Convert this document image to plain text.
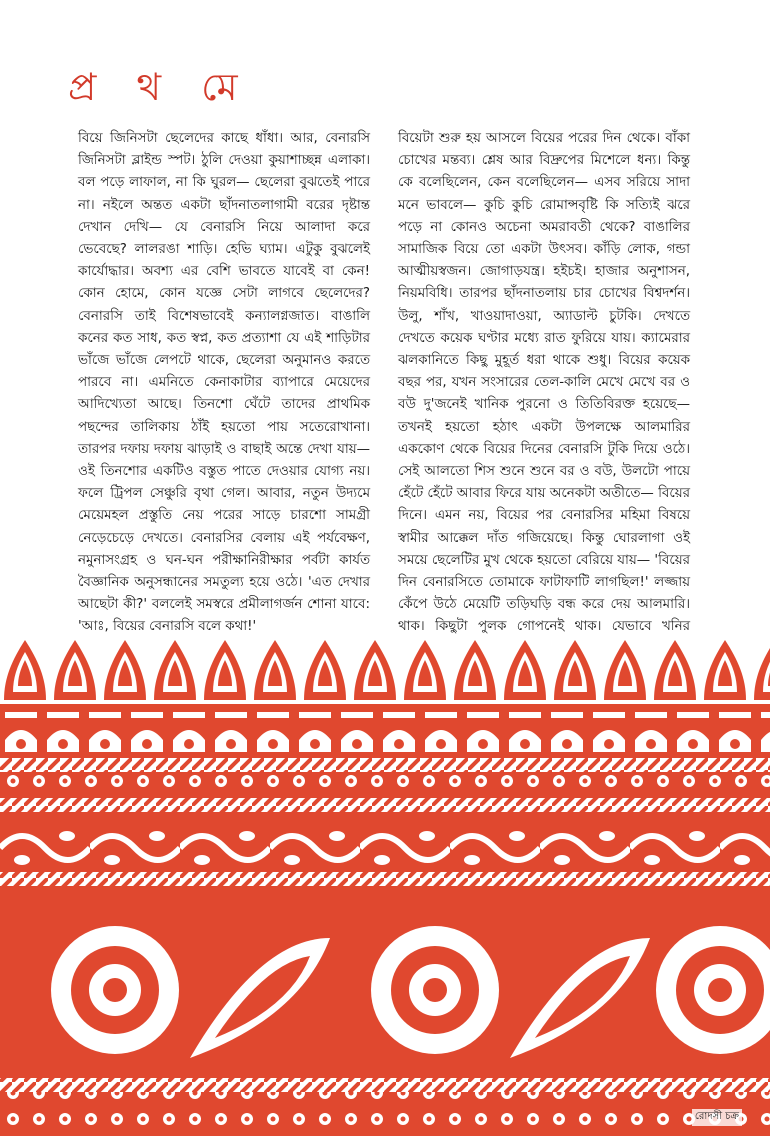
প্র থ মে

বিয়ে জিনিসটা ছেলেদের কাছে ধাঁধা। আর, বেনারসি জিনিসটা ব্লাইন্ড স্পট। ঠুলি দেওয়া কুয়াশাচ্ছন্ন এলাকা। বল পড়ে লাফাল, না কি ঘুরল— ছেলেরা বুঝতেই পারে না। নইলে অন্তত একটা ছাঁদনাতলাগামী বরের দৃষ্টান্ত দেখান দেখি— যে বেনারসি নিয়ে আলাদা করে ভেবেছে? লালরঙা শাড়ি। হেভি ঘ্যাম। এটুকু বুঝলেই কার্যোদ্ধার। অবশ্য এর বেশি ভাবতে যাবেই বা কেন! কোন হোমে, কোন যজ্ঞে সেটা লাগবে ছেলেদের? বেনারসি তাই বিশেষভাবেই কন্যালগ্নজাত। বাঙালি কনের কত সাধ, কত স্বপ্ন, কত প্রত্যাশা যে এই শাড়িটার ভাঁজে ভাঁজে লেপটে থাকে, ছেলেরা অনুমানও করতে পারবে না। এমনিতে কেনাকাটার ব্যাপারে মেয়েদের আদিখ্যেতা আছে। তিনশো ঘেঁটে তাদের প্রাথমিক পছন্দের তালিকায় ঠাঁই হয়তো পায় সতেরোখানা। তারপর দফায় দফায় ঝাড়াই ও বাছাই অন্তে দেখা যায়— ওই তিনশোর একটিও বস্তুত পাতে দেওয়ার যোগ্য নয়। ফলে ট্রিপল সেঞ্চুরি বৃথা গেল। আবার, নতুন উদ্যমে মেয়েমহল প্রস্তুতি নেয় পরের সাড়ে চারশো সামগ্রী নেড়েচেড়ে দেখতে। বেনারসির বেলায় এই পর্যবেক্ষণ, নমুনাসংগ্রহ ও ঘন-ঘন পরীক্ষানিরীক্ষার পর্বটা কার্যত বৈজ্ঞানিক অনুসন্ধানের সমতুল্য হয়ে ওঠে। 'এত দেখার আছেটা কী?' বললেই সমস্বরে প্রমীলাগর্জন শোনা যাবে: 'আঃ, বিয়ের বেনারসি বলে কথা!'

বিয়েটা শুরু হয় আসলে বিয়ের পরের দিন থেকে। বাঁকা চোখের মন্তব্য। শ্লেষ আর বিদ্রুপের মিশেলে ধন্য। কিন্তু কে বলেছিলেন, কেন বলেছিলেন— এসব সরিয়ে সাদা মনে ভাবলে— কুচি কুচি রোমান্সবৃষ্টি কি সত্যিই ঝরে পড়ে না কোনও অচেনা অমরাবতী থেকে? বাঙালির সামাজিক বিয়ে তো একটা উৎসব। কাঁড়ি লোক, গন্ডা আত্মীয়স্বজন। জোগাড়যন্ত্র। হইচই। হাজার অনুশাসন, নিয়মবিধি। তারপর ছাঁদনাতলায় চার চোখের বিশ্বদর্শন। উলু, শাঁখ, খাওয়াদাওয়া, অ্যাডাল্ট চুটকি। দেখতে দেখতে কয়েক ঘণ্টার মধ্যে রাত ফুরিয়ে যায়। ক্যামেরার ঝলকানিতে কিছু মুহূর্ত ধরা থাকে শুধু। বিয়ের কয়েক বছর পর, যখন সংসারের তেল-কালি মেখে মেখে বর ও বউ দু'জনেই খানিক পুরনো ও তিতিবিরক্ত হয়েছে— তখনই হয়তো হঠাৎ একটা উপলক্ষে আলমারির এককোণ থেকে বিয়ের দিনের বেনারসি টুকি দিয়ে ওঠে। সেই আলতো শিস শুনে শুনে বর ও বউ, উলটো পায়ে হেঁটে হেঁটে আবার ফিরে যায় অনেকটা অতীতে— বিয়ের দিনে। এমন নয়, বিয়ের পর বেনারসির মহিমা বিষয়ে স্বামীর আক্কেল দাঁত গজিয়েছে। কিন্তু ঘোরলাগা ওই সময়ে ছেলেটির মুখ থেকে হয়তো বেরিয়ে যায়— 'বিয়ের দিন বেনারসিতে তোমাকে ফাটাফাটি লাগছিল!' লজ্জায় কেঁপে উঠে মেয়েটি তড়িঘড়ি বন্ধ করে দেয় আলমারি। থাক। কিছুটা পুলক গোপনেই থাক। যেভাবে খনির

রোদসী চক্র
